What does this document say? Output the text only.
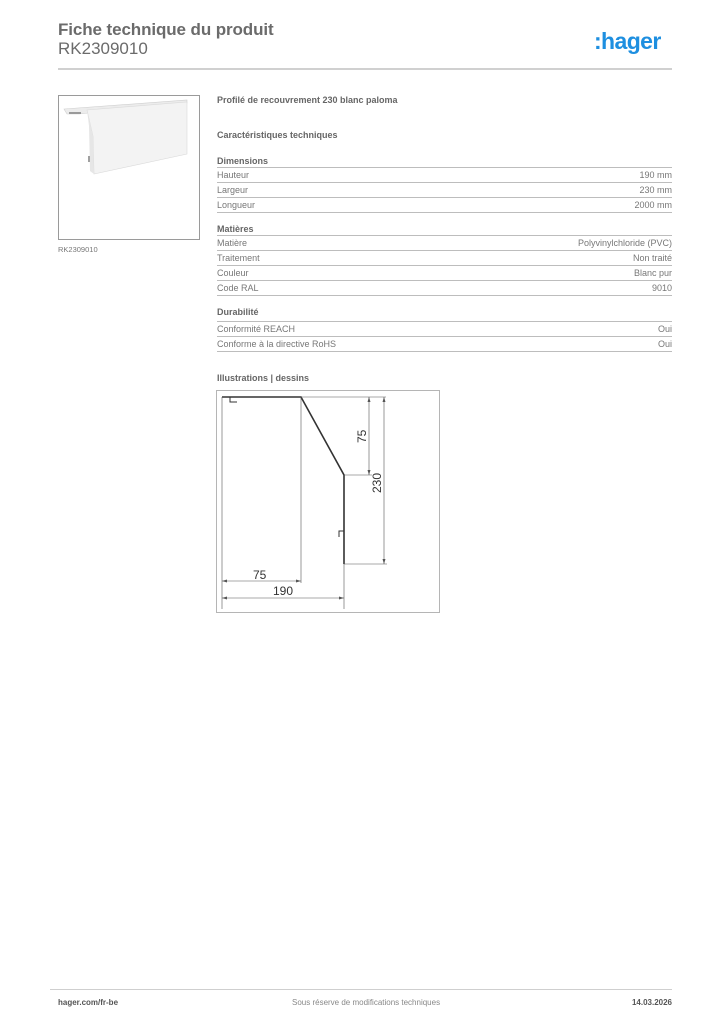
Fiche technique du produit
RK2309010	:hager
RK2309010
Profilé de recouvrement 230 blanc paloma
Caractéristiques techniques
Dimensions
Hauteur	190 mm
Largeur	230 mm
Longueur	2000 mm
Matières
Matière	Polyvinylchloride (PVC)
Traitement	Non traité
Couleur	Blanc pur
Code RAL	9010
Durabilité
Conformité REACH	Oui
Conforme à la directive RoHS	Oui
Illustrations | dessins
75
230
75
190
hager.com/fr-be	Sous réserve de modifications techniques	14.03.2026
